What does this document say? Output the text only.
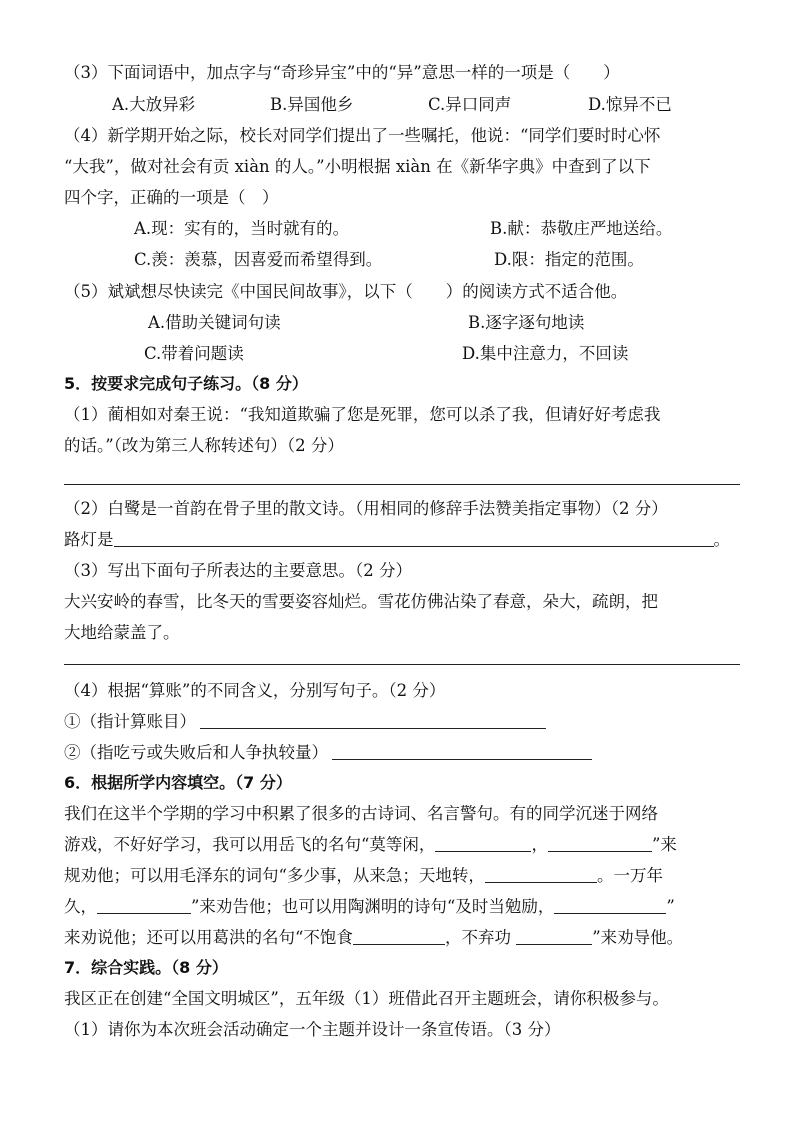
（3）下面词语中，加点字与“奇珍异宝”中的“异”意思一样的一项是（　　）
A.大放异彩	B.异国他乡	C.异口同声	D.惊异不已
（4）新学期开始之际，校长对同学们提出了一些嘱托，他说：“同学们要时时心怀
“大我”，做对社会有贡 xiàn 的人。”小明根据 xiàn 在《新华字典》中查到了以下
四个字，正确的一项是（　）
A.现：实有的，当时就有的。	B.献：恭敬庄严地送给。
C.羡：羡慕，因喜爱而希望得到。	D.限：指定的范围。
（5）斌斌想尽快读完《中国民间故事》，以下（　　）的阅读方式不适合他。
A.借助关键词句读	B.逐字逐句地读
C.带着问题读	D.集中注意力，不回读
5．按要求完成句子练习。（8 分）
（1）蔺相如对秦王说：“我知道欺骗了您是死罪，您可以杀了我，但请好好考虑我
的话。”（改为第三人称转述句）（2 分）
（2）白鹭是一首韵在骨子里的散文诗。（用相同的修辞手法赞美指定事物）（2 分）
路灯是	。
（3）写出下面句子所表达的主要意思。（2 分）
大兴安岭的春雪，比冬天的雪要姿容灿烂。雪花仿佛沾染了春意，朵大，疏朗，把
大地给蒙盖了。
（4）根据“算账”的不同含义，分别写句子。（2 分）
①（指计算账目）
②（指吃亏或失败后和人争执较量）
6．根据所学内容填空。（7 分）
我们在这半个学期的学习中积累了很多的古诗词、名言警句。有的同学沉迷于网络
游戏，不好好学习，我可以用岳飞的名句“莫等闲，	，	”来
规劝他；可以用毛泽东的词句“多少事，从来急；天地转，	。一万年
久，	”来劝告他；也可以用陶渊明的诗句“及时当勉励，	”
来劝说他；还可以用葛洪的名句“不饱食	，不弃功	”来劝导他。
7．综合实践。（8 分）
我区正在创建“全国文明城区”，五年级（1）班借此召开主题班会，请你积极参与。
（1）请你为本次班会活动确定一个主题并设计一条宣传语。（3 分）
